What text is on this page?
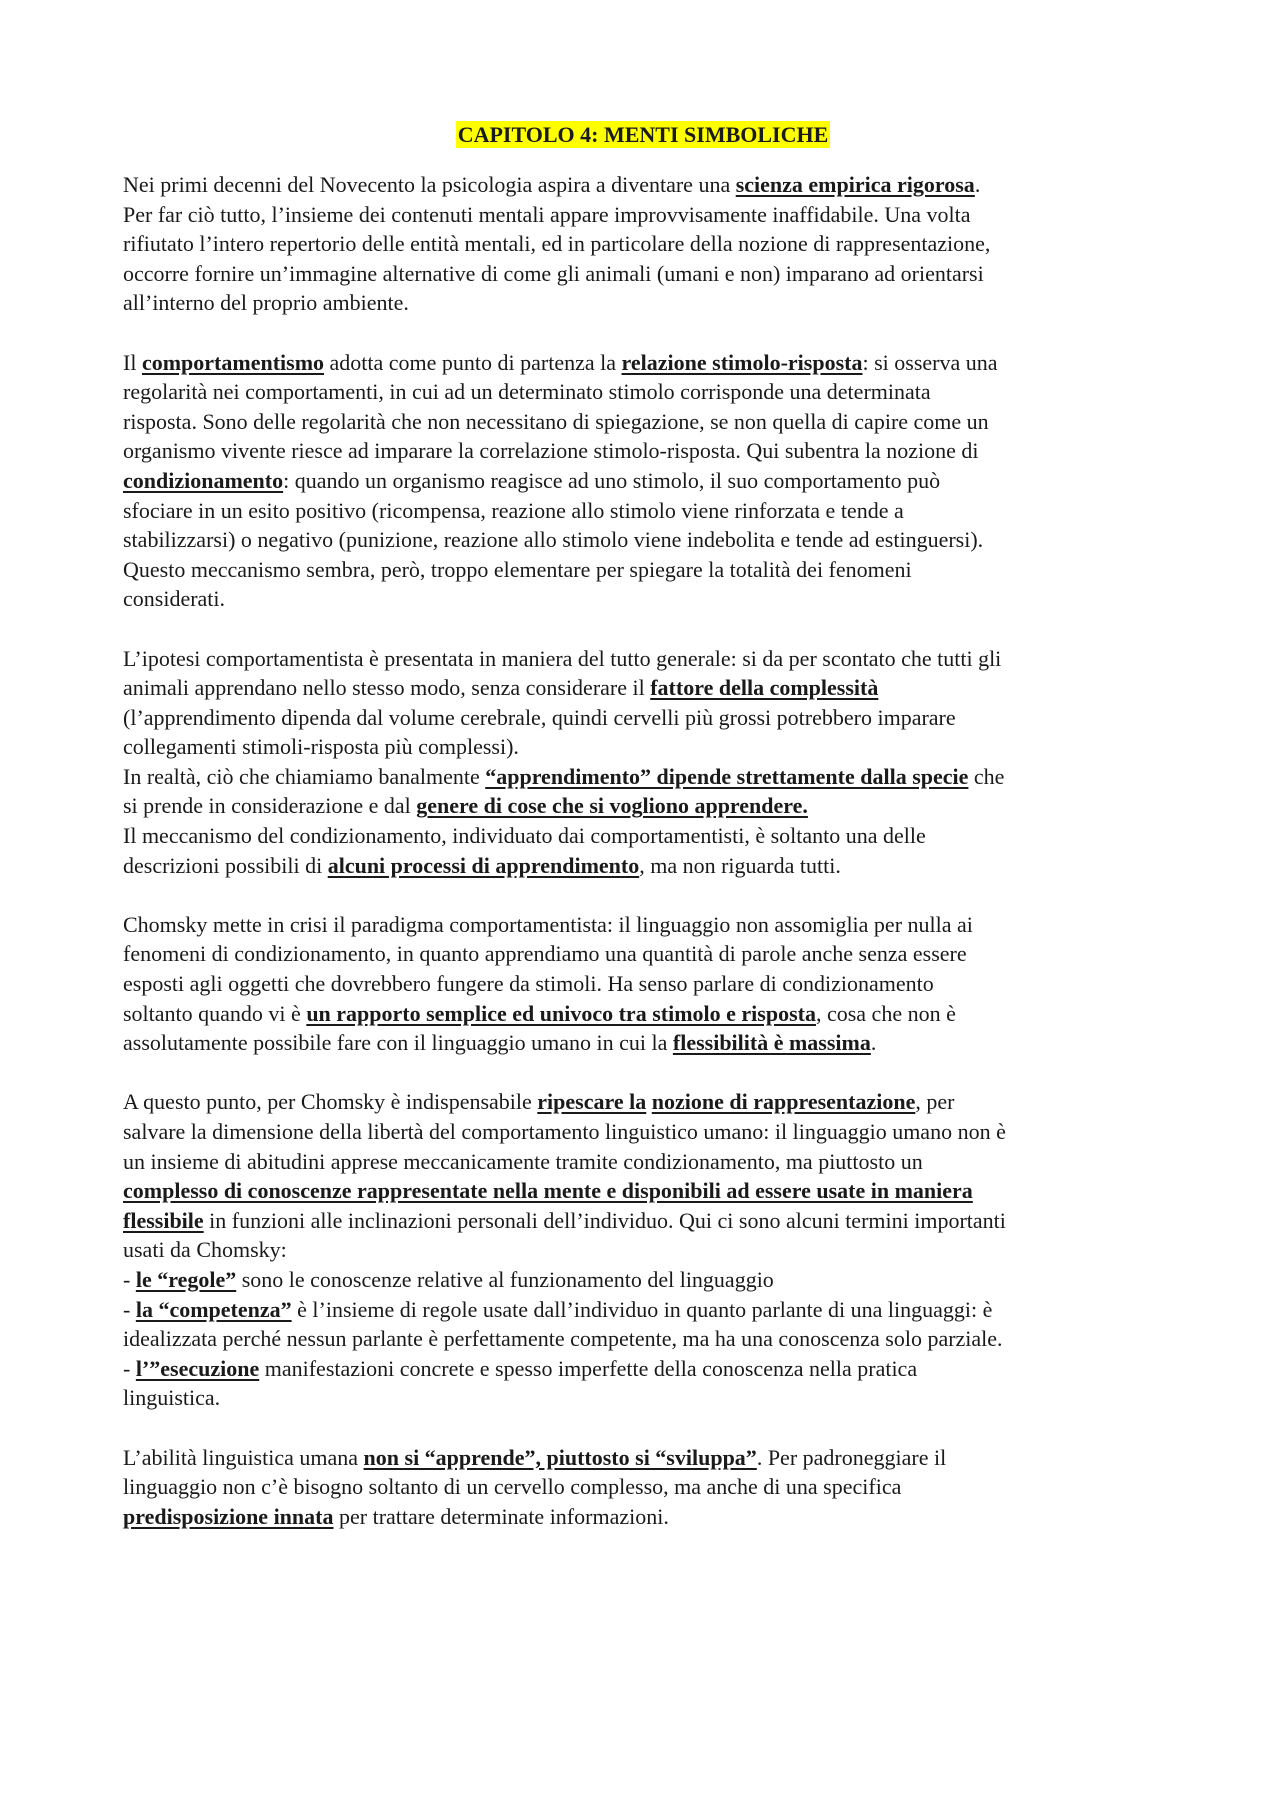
CAPITOLO 4: MENTI SIMBOLICHE
Nei primi decenni del Novecento la psicologia aspira a diventare una scienza empirica rigorosa.
Per far ciò tutto, l’insieme dei contenuti mentali appare improvvisamente inaffidabile. Una volta
rifiutato l’intero repertorio delle entità mentali, ed in particolare della nozione di rappresentazione,
occorre fornire un’immagine alternative di come gli animali (umani e non) imparano ad orientarsi
all’interno del proprio ambiente.
Il comportamentismo adotta come punto di partenza la relazione stimolo-risposta: si osserva una
regolarità nei comportamenti, in cui ad un determinato stimolo corrisponde una determinata
risposta. Sono delle regolarità che non necessitano di spiegazione, se non quella di capire come un
organismo vivente riesce ad imparare la correlazione stimolo-risposta. Qui subentra la nozione di
condizionamento: quando un organismo reagisce ad uno stimolo, il suo comportamento può
sfociare in un esito positivo (ricompensa, reazione allo stimolo viene rinforzata e tende a
stabilizzarsi) o negativo (punizione, reazione allo stimolo viene indebolita e tende ad estinguersi).
Questo meccanismo sembra, però, troppo elementare per spiegare la totalità dei fenomeni
considerati.
L’ipotesi comportamentista è presentata in maniera del tutto generale: si da per scontato che tutti gli
animali apprendano nello stesso modo, senza considerare il fattore della complessità
(l’apprendimento dipenda dal volume cerebrale, quindi cervelli più grossi potrebbero imparare
collegamenti stimoli-risposta più complessi).
In realtà, ciò che chiamiamo banalmente “apprendimento” dipende strettamente dalla specie che
si prende in considerazione e dal genere di cose che si vogliono apprendere.
Il meccanismo del condizionamento, individuato dai comportamentisti, è soltanto una delle
descrizioni possibili di alcuni processi di apprendimento, ma non riguarda tutti.
Chomsky mette in crisi il paradigma comportamentista: il linguaggio non assomiglia per nulla ai
fenomeni di condizionamento, in quanto apprendiamo una quantità di parole anche senza essere
esposti agli oggetti che dovrebbero fungere da stimoli. Ha senso parlare di condizionamento
soltanto quando vi è un rapporto semplice ed univoco tra stimolo e risposta, cosa che non è
assolutamente possibile fare con il linguaggio umano in cui la flessibilità è massima.
A questo punto, per Chomsky è indispensabile ripescare la nozione di rappresentazione, per
salvare la dimensione della libertà del comportamento linguistico umano: il linguaggio umano non è
un insieme di abitudini apprese meccanicamente tramite condizionamento, ma piuttosto un
complesso di conoscenze rappresentate nella mente e disponibili ad essere usate in maniera
flessibile in funzioni alle inclinazioni personali dell’individuo. Qui ci sono alcuni termini importanti
usati da Chomsky:
- le “regole” sono le conoscenze relative al funzionamento del linguaggio
- la “competenza” è l’insieme di regole usate dall’individuo in quanto parlante di una linguaggi: è
idealizzata perché nessun parlante è perfettamente competente, ma ha una conoscenza solo parziale.
- l’”esecuzione manifestazioni concrete e spesso imperfette della conoscenza nella pratica
linguistica.
L’abilità linguistica umana non si “apprende”, piuttosto si “sviluppa”. Per padroneggiare il
linguaggio non c’è bisogno soltanto di un cervello complesso, ma anche di una specifica
predisposizione innata per trattare determinate informazioni.
